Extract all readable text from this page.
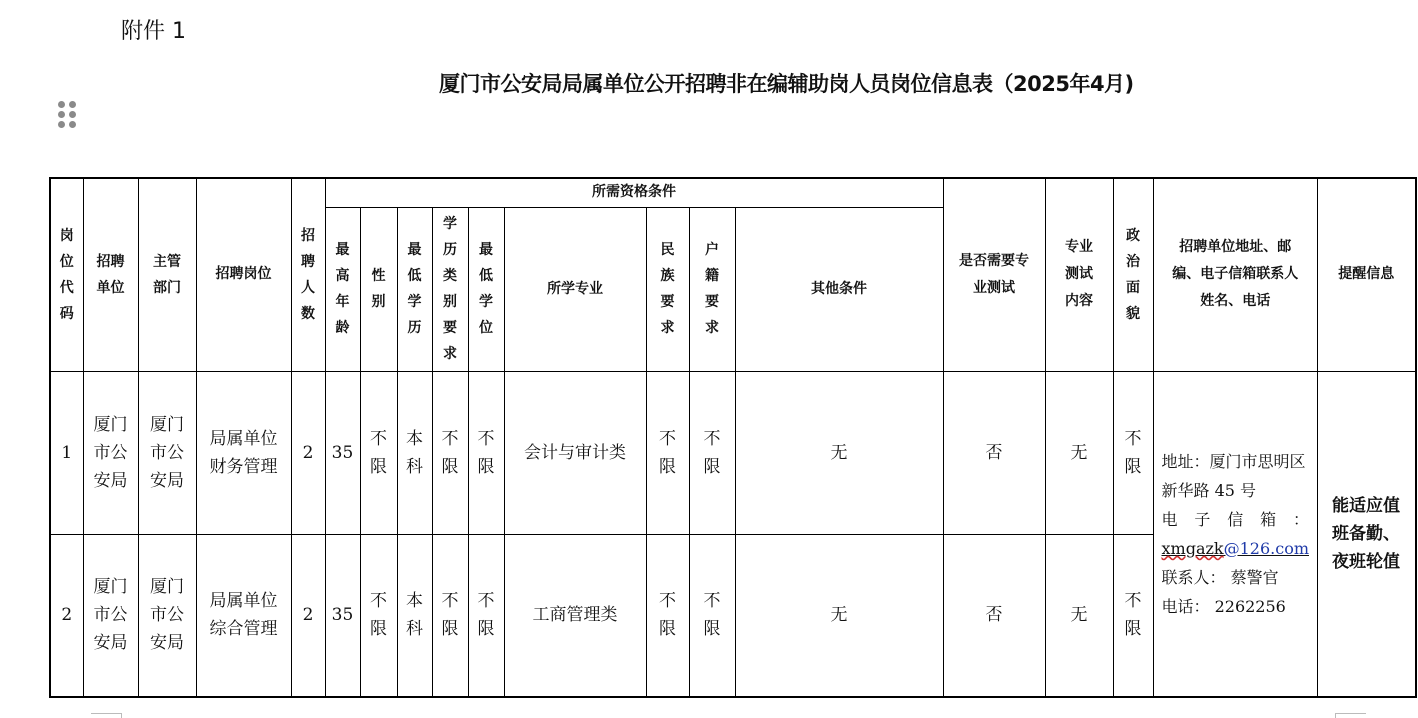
附件 1
厦门市公安局局属单位公开招聘非在编辅助岗人员岗位信息表（2025年4月)
岗位代码	招聘单位	主管部门	招聘岗位	招聘人数	所需资格条件									是否需要专业测试	专业测试内容	政治面貌	招聘单位地址、邮编、电子信箱联系人姓名、电话	提醒信息

					最高年龄	性别	最低学历	学历类别要求	最低学位	所学专业	民族要求	户籍要求	其他条件					

1	厦门市公安局	厦门市公安局	局属单位财务管理	2	35	不限	本科	不限	不限	会计与审计类	不限	不限	无	否	无	不限	地址：厦门市思明区新华路 45 号
电 子 信 箱 ：
xmgazk@126.com
联系人： 蔡警官
电话： 2262256	能适应值班备勤、夜班轮值

2	厦门市公安局	厦门市公安局	局属单位综合管理	2	35	不限	本科	不限	不限	工商管理类	不限	不限	无	否	无	不限		
